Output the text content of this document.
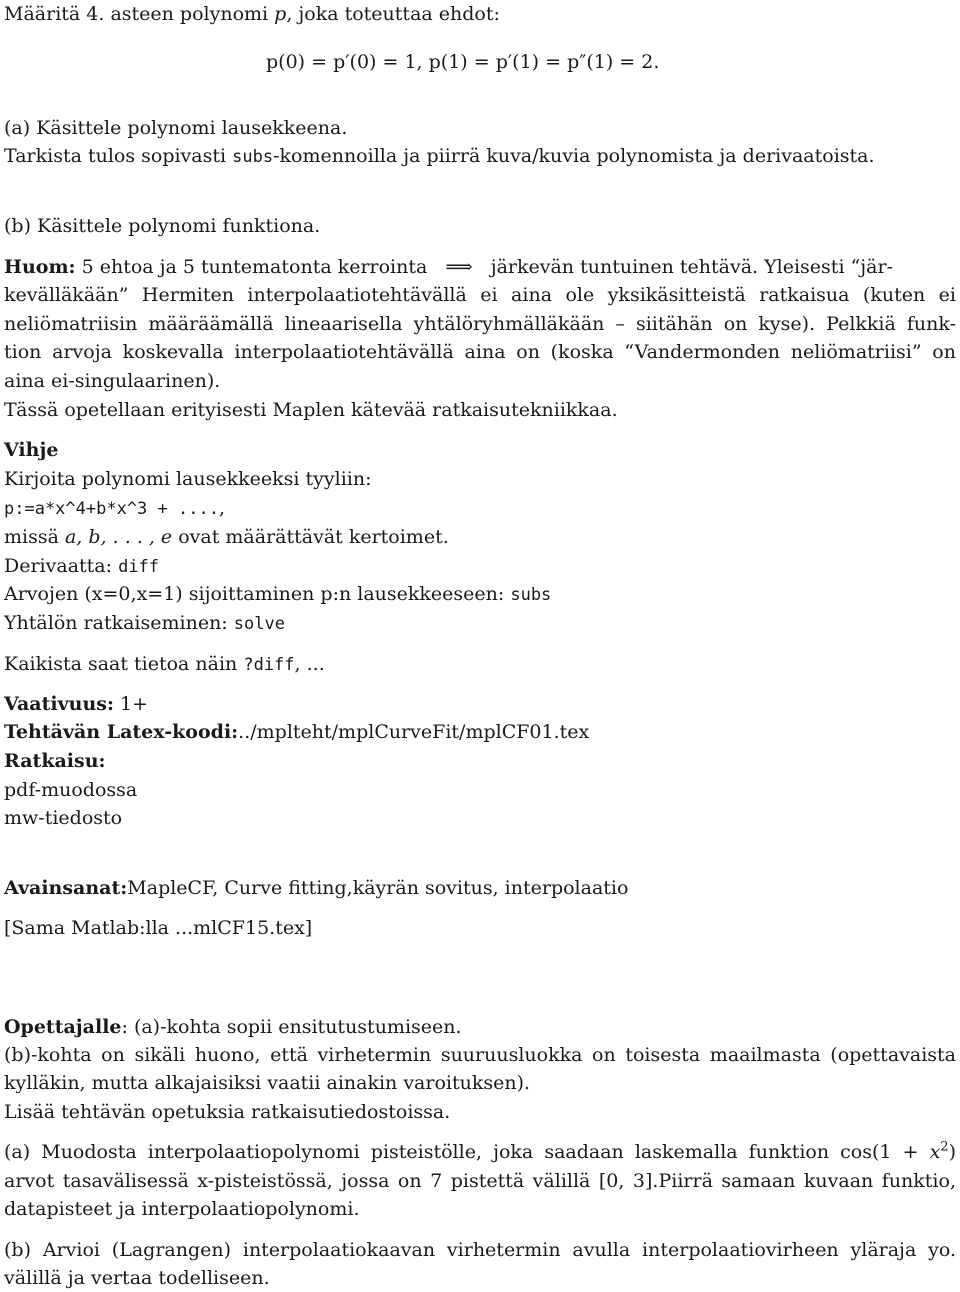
Määritä 4. asteen polynomi p, joka toteuttaa ehdot:
p(0) = p′(0) = 1, p(1) = p′(1) = p″(1) = 2.
(a) Käsittele polynomi lausekkeena.
Tarkista tulos sopivasti subs-komennoilla ja piirrä kuva/kuvia polynomista ja derivaatoista.
(b) Käsittele polynomi funktiona.
Huom: 5 ehtoa ja 5 tuntematonta kerrointa ⟹ järkevän tuntuinen tehtävä. Yleisesti “jär-
kevälläkään” Hermiten interpolaatiotehtävällä ei aina ole yksikäsitteistä ratkaisua (kuten ei
neliömatriisin määräämällä lineaarisella yhtälöryhmälläkään – siitähän on kyse). Pelkkiä funk-
tion arvoja koskevalla interpolaatiotehtävällä aina on (koska “Vandermonden neliömatriisi” on
aina ei-singulaarinen).
Tässä opetellaan erityisesti Maplen kätevää ratkaisutekniikkaa.
Vihje
Kirjoita polynomi lausekkeeksi tyyliin:
p:=a*x^4+b*x^3 + ....,
missä a, b, . . . , e ovat määrättävät kertoimet.
Derivaatta: diff
Arvojen (x=0,x=1) sijoittaminen p:n lausekkeeseen: subs
Yhtälön ratkaiseminen: solve
Kaikista saat tietoa näin ?diff, ...
Vaativuus: 1+
Tehtävän Latex-koodi:../mplteht/mplCurveFit/mplCF01.tex
Ratkaisu:
pdf-muodossa
mw-tiedosto
Avainsanat:MapleCF, Curve fitting,käyrän sovitus, interpolaatio
[Sama Matlab:lla ...mlCF15.tex]
Opettajalle: (a)-kohta sopii ensitutustumiseen.
(b)-kohta on sikäli huono, että virhetermin suuruusluokka on toisesta maailmasta (opettavaista
kylläkin, mutta alkajaisiksi vaatii ainakin varoituksen).
Lisää tehtävän opetuksia ratkaisutiedostoissa.
(a) Muodosta interpolaatiopolynomi pisteistölle, joka saadaan laskemalla funktion $\cos(1 + x^2)$
arvot tasavälisessä x-pisteistössä, jossa on 7 pistettä välillä [0, 3].Piirrä samaan kuvaan funktio,
datapisteet ja interpolaatiopolynomi.
(b) Arvioi (Lagrangen) interpolaatiokaavan virhetermin avulla interpolaatiovirheen yläraja yo.
välillä ja vertaa todelliseen.
